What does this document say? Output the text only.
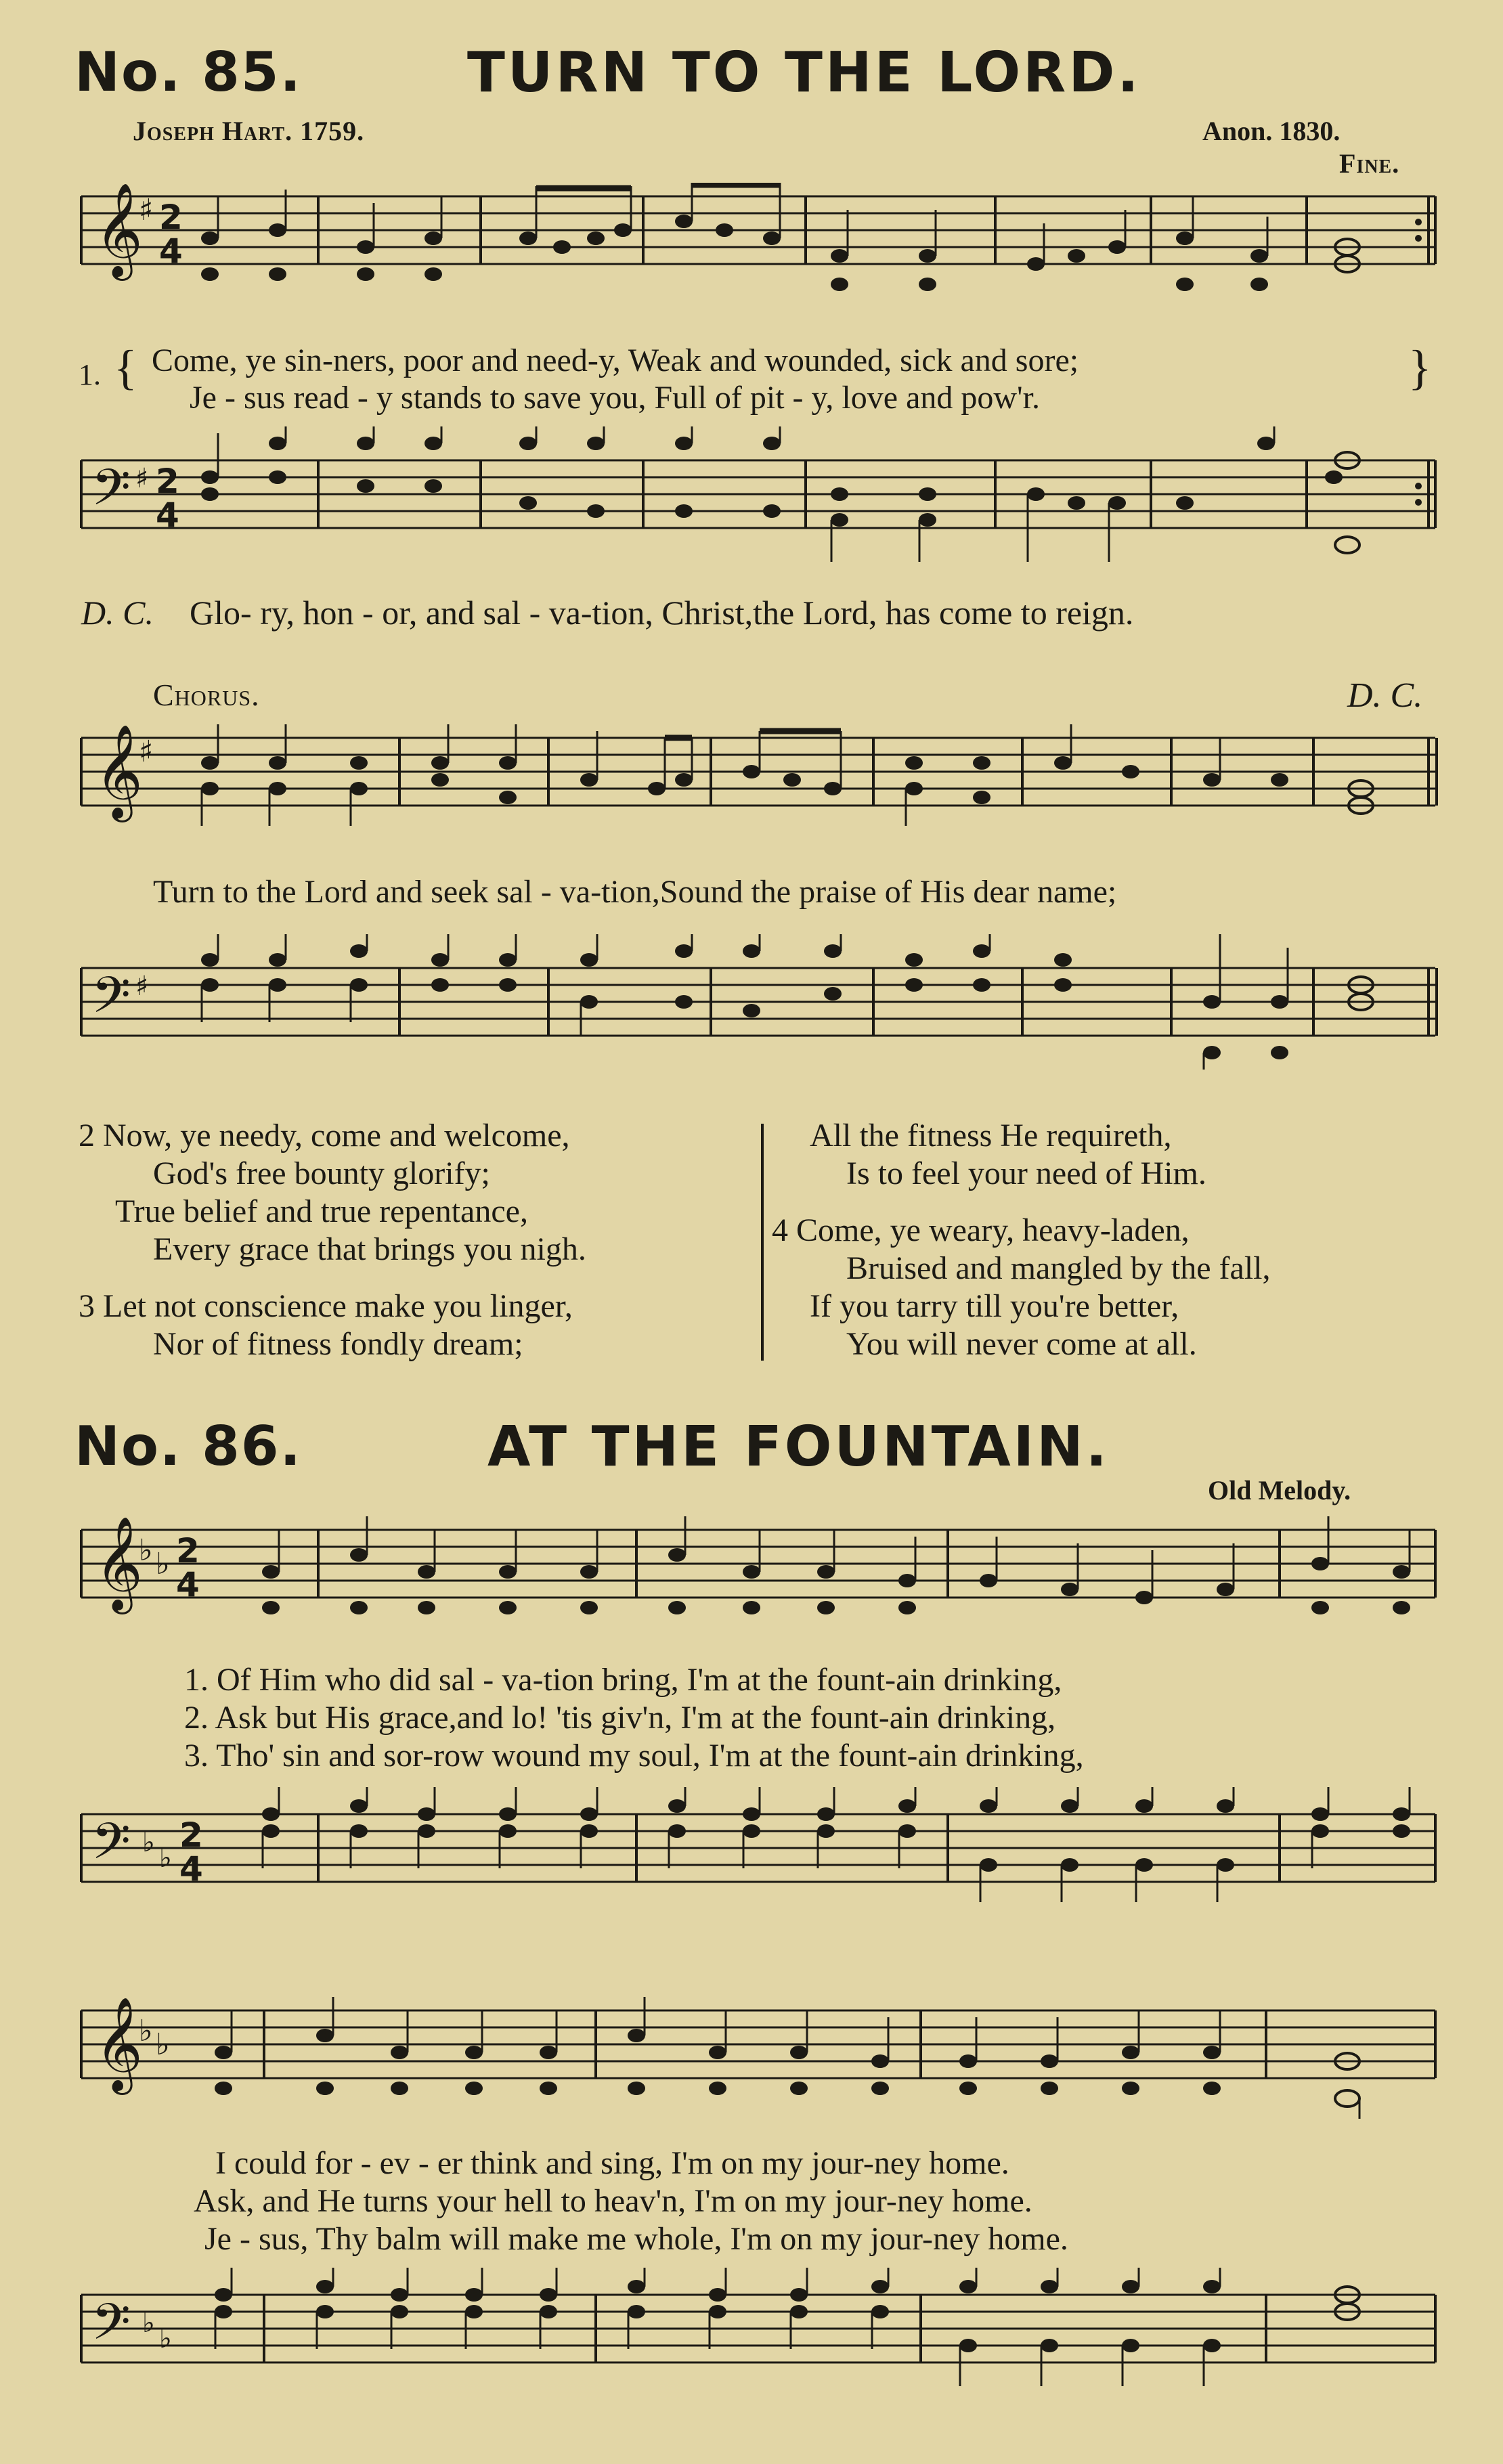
No. 85.	TURN TO THE LORD.
Joseph Hart. 1759.	Anon. 1830.
Fine.
𝄞
♯ 2
4
1. { Come, ye sin-ners, poor and need-y, Weak and wounded, sick and sore;
Je - sus read - y stands to save you, Full of pit - y, love and pow'r.
}
𝄢 ♯ 2
4
D. C. Glo- ry, hon - or, and sal - va-tion, Christ,the Lord, has come to reign.
Chorus.	D. C.
𝄞
♯
Turn to the Lord and seek sal - va-tion,Sound the praise of His dear name;
𝄢 ♯
2 Now, ye needy, come and welcome,
God's free bounty glorify;
True belief and true repentance,
Every grace that brings you nigh.
3 Let not conscience make you linger,
Nor of fitness fondly dream;
All the fitness He requireth,
Is to feel your need of Him.
4 Come, ye weary, heavy-laden,
Bruised and mangled by the fall,
If you tarry till you're better,
You will never come at all.
No. 86.	AT THE FOUNTAIN.
Old Melody.
𝄞
♭ ♭ 2
4
1. Of Him who did sal - va-tion bring, I'm at the fount-ain drinking,
2. Ask but His grace,and lo! 'tis giv'n, I'm at the fount-ain drinking,
3. Tho' sin and sor-row wound my soul, I'm at the fount-ain drinking,
𝄢 ♭ ♭
2
4
𝄞
♭ ♭
I could for - ev - er think and sing, I'm on my jour-ney home.
Ask, and He turns your hell to heav'n, I'm on my jour-ney home.
Je - sus, Thy balm will make me whole, I'm on my jour-ney home.
𝄢 ♭ ♭
